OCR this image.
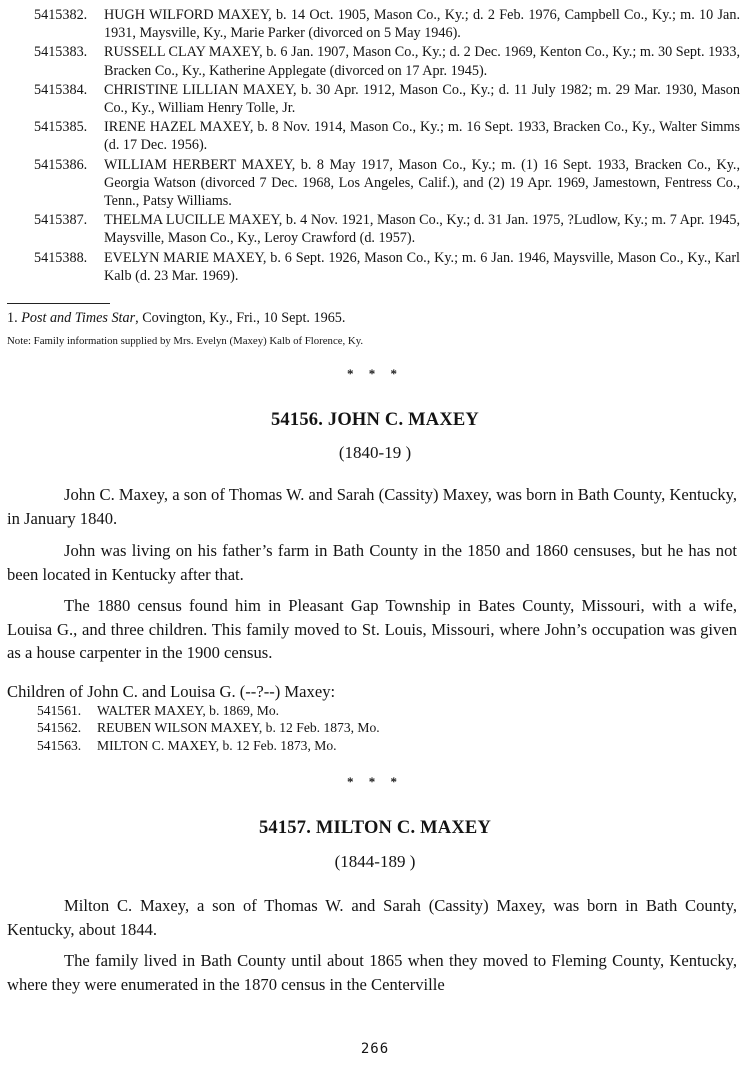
5415382.	HUGH WILFORD MAXEY, b. 14 Oct. 1905, Mason Co., Ky.; d. 2 Feb. 1976, Campbell Co., Ky.; m. 10 Jan. 1931, Maysville, Ky., Marie Parker (divorced on 5 May 1946).
5415383.	RUSSELL CLAY MAXEY, b. 6 Jan. 1907, Mason Co., Ky.; d. 2 Dec. 1969, Kenton Co., Ky.; m. 30 Sept. 1933, Bracken Co., Ky., Katherine Applegate (divorced on 17 Apr. 1945).
5415384.	CHRISTINE LILLIAN MAXEY, b. 30 Apr. 1912, Mason Co., Ky.; d. 11 July 1982; m. 29 Mar. 1930, Mason Co., Ky., William Henry Tolle, Jr.
5415385.	IRENE HAZEL MAXEY, b. 8 Nov. 1914, Mason Co., Ky.; m. 16 Sept. 1933, Bracken Co., Ky., Walter Simms (d. 17 Dec. 1956).
5415386.	WILLIAM HERBERT MAXEY, b. 8 May 1917, Mason Co., Ky.; m. (1) 16 Sept. 1933, Bracken Co., Ky., Georgia Watson (divorced 7 Dec. 1968, Los Angeles, Calif.), and (2) 19 Apr. 1969, Jamestown, Fentress Co., Tenn., Patsy Williams.
5415387.	THELMA LUCILLE MAXEY, b. 4 Nov. 1921, Mason Co., Ky.; d. 31 Jan. 1975, ?Ludlow, Ky.; m. 7 Apr. 1945, Maysville, Mason Co., Ky., Leroy Crawford (d. 1957).
5415388.	EVELYN MARIE MAXEY, b. 6 Sept. 1926, Mason Co., Ky.; m. 6 Jan. 1946, Maysville, Mason Co., Ky., Karl Kalb (d. 23 Mar. 1969).
1. Post and Times Star, Covington, Ky., Fri., 10 Sept. 1965.
Note: Family information supplied by Mrs. Evelyn (Maxey) Kalb of Florence, Ky.
* * *
54156. JOHN C. MAXEY
(1840-19 )
John C. Maxey, a son of Thomas W. and Sarah (Cassity) Maxey, was born in Bath County, Kentucky, in January 1840.
John was living on his father’s farm in Bath County in the 1850 and 1860 censuses, but he has not been located in Kentucky after that.
The 1880 census found him in Pleasant Gap Township in Bates County, Missouri, with a wife, Louisa G., and three children. This family moved to St. Louis, Missouri, where John’s occupation was given as a house carpenter in the 1900 census.
Children of John C. and Louisa G. (--?--) Maxey:
541561.	WALTER MAXEY, b. 1869, Mo.
541562.	REUBEN WILSON MAXEY, b. 12 Feb. 1873, Mo.
541563.	MILTON C. MAXEY, b. 12 Feb. 1873, Mo.
* * *
54157. MILTON C. MAXEY
(1844-189 )
Milton C. Maxey, a son of Thomas W. and Sarah (Cassity) Maxey, was born in Bath County, Kentucky, about 1844.
The family lived in Bath County until about 1865 when they moved to Fleming County, Kentucky, where they were enumerated in the 1870 census in the Centerville
266
